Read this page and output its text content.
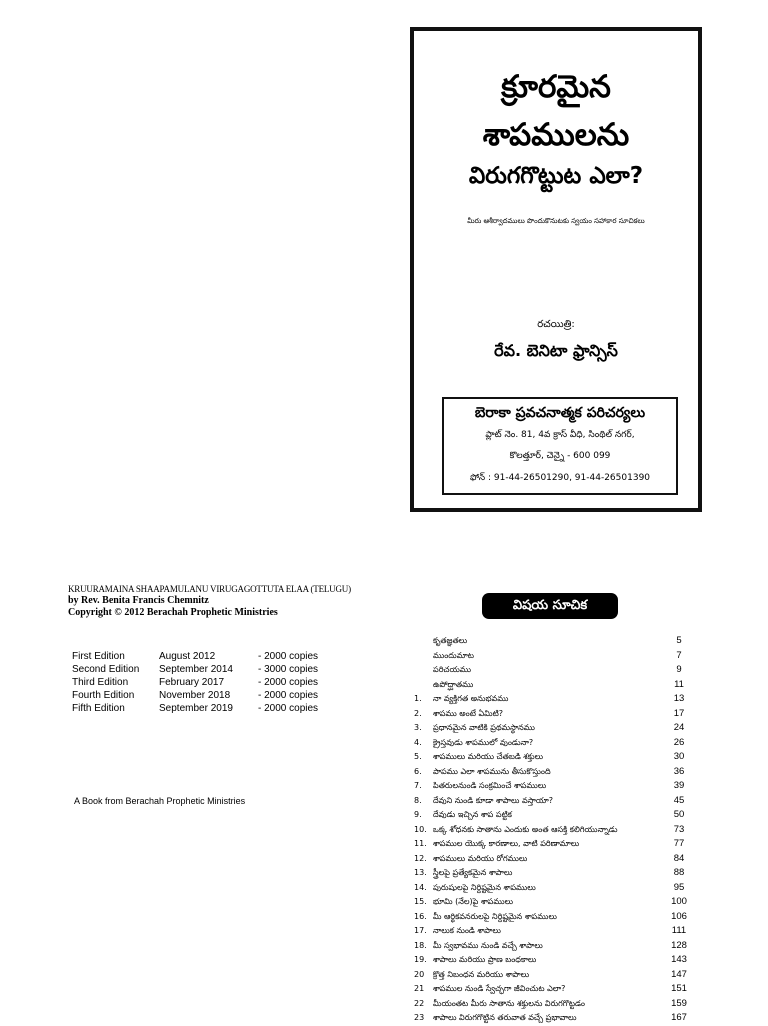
క్రూరమైన
శాపములను
విరుగగొట్టుట ఎలా?
మీరు ఆశీర్వాదములు పొందుకొనుటకు స్వయం సహాకార సూచికలు
రచయిత్రి:
రేవ. బెనిటా ఫ్రాన్సిస్
బెరాకా ప్రవచనాత్మక పరిచర్యలు
ప్లాట్ నెం. 81, 4వ క్రాస్ వీధి, సింథిల్ నగర్,
కొలత్తూర్, చెన్నై - 600 099
ఫోన్ : 91-44-26501290, 91-44-26501390
KRUURAMAINA SHAAPAMULANU VIRUGAGOTTUTA ELAA (TELUGU)
by Rev. Benita Francis Chemnitz
Copyright © 2012 Berachah Prophetic Ministries
First Edition	August 2012	- 2000 copies
Second Edition September 2014	- 3000 copies
Third Edition	February 2017	- 2000 copies
Fourth Edition November 2018	- 2000 copies
Fifth Edition	September 2019	- 2000 copies
A Book from Berachah Prophetic Ministries
విషయ సూచిక
కృతజ్ఞతలు	5
ముందుమాట	7
పరిచయము	9
ఉపోద్ఘాతము	11
1. నా వ్యక్తిగత అనుభవము	13
2. శాపము అంటే ఏమిటి?	17
3. ప్రధానమైన వాటికి ప్రథమస్థానము	24
4. క్రైస్తవుడు శాపములో వుండునా?	26
5. శాపములు మరియు చేతబడి శక్తులు	30
6. పాపము ఎలా శాపమును తీసుకొస్తుంది	36
7. పితరులనుండి సంక్రమించే శాపములు	39
8. దేవుని నుండి కూడా శాపాలు వస్తాయా?	45
9. దేవుడు ఇచ్చిన శాప పట్టిక	50
10. ఒక్క శోధనకు సాతాను ఎందుకు అంత ఆసక్తి కలిగియున్నాడు	73
11. శాపముల యొక్క కారణాలు, వాటి పరిణామాలు	77
12. శాపములు మరియు రోగములు	84
13. స్త్రీలపై ప్రత్యేకమైన శాపాలు	88
14. పురుషులపై నిర్దిష్టమైన శాపములు	95
15. భూమి (నేల)పై శాపములు	100
16. మీ ఆర్థికవనరులపై నిర్దిష్టమైన శాపములు	106
17. నాలుక నుండి శాపాలు	111
18. మీ స్వభావము నుండి వచ్చే శాపాలు	128
19. శాపాలు మరియు ప్రాణ బంధకాలు	143
20 క్రొత్త నిబంధన మరియు శాపాలు	147
21 శాపముల నుండి స్వేచ్ఛగా జీవించుట ఎలా?	151
22 మీయంతట మీరు సాతాను శక్తులను విరుగగొట్టడం	159
23 శాపాలు విరుగగొట్టిన తరువాత వచ్చే ప్రభావాలు	167
